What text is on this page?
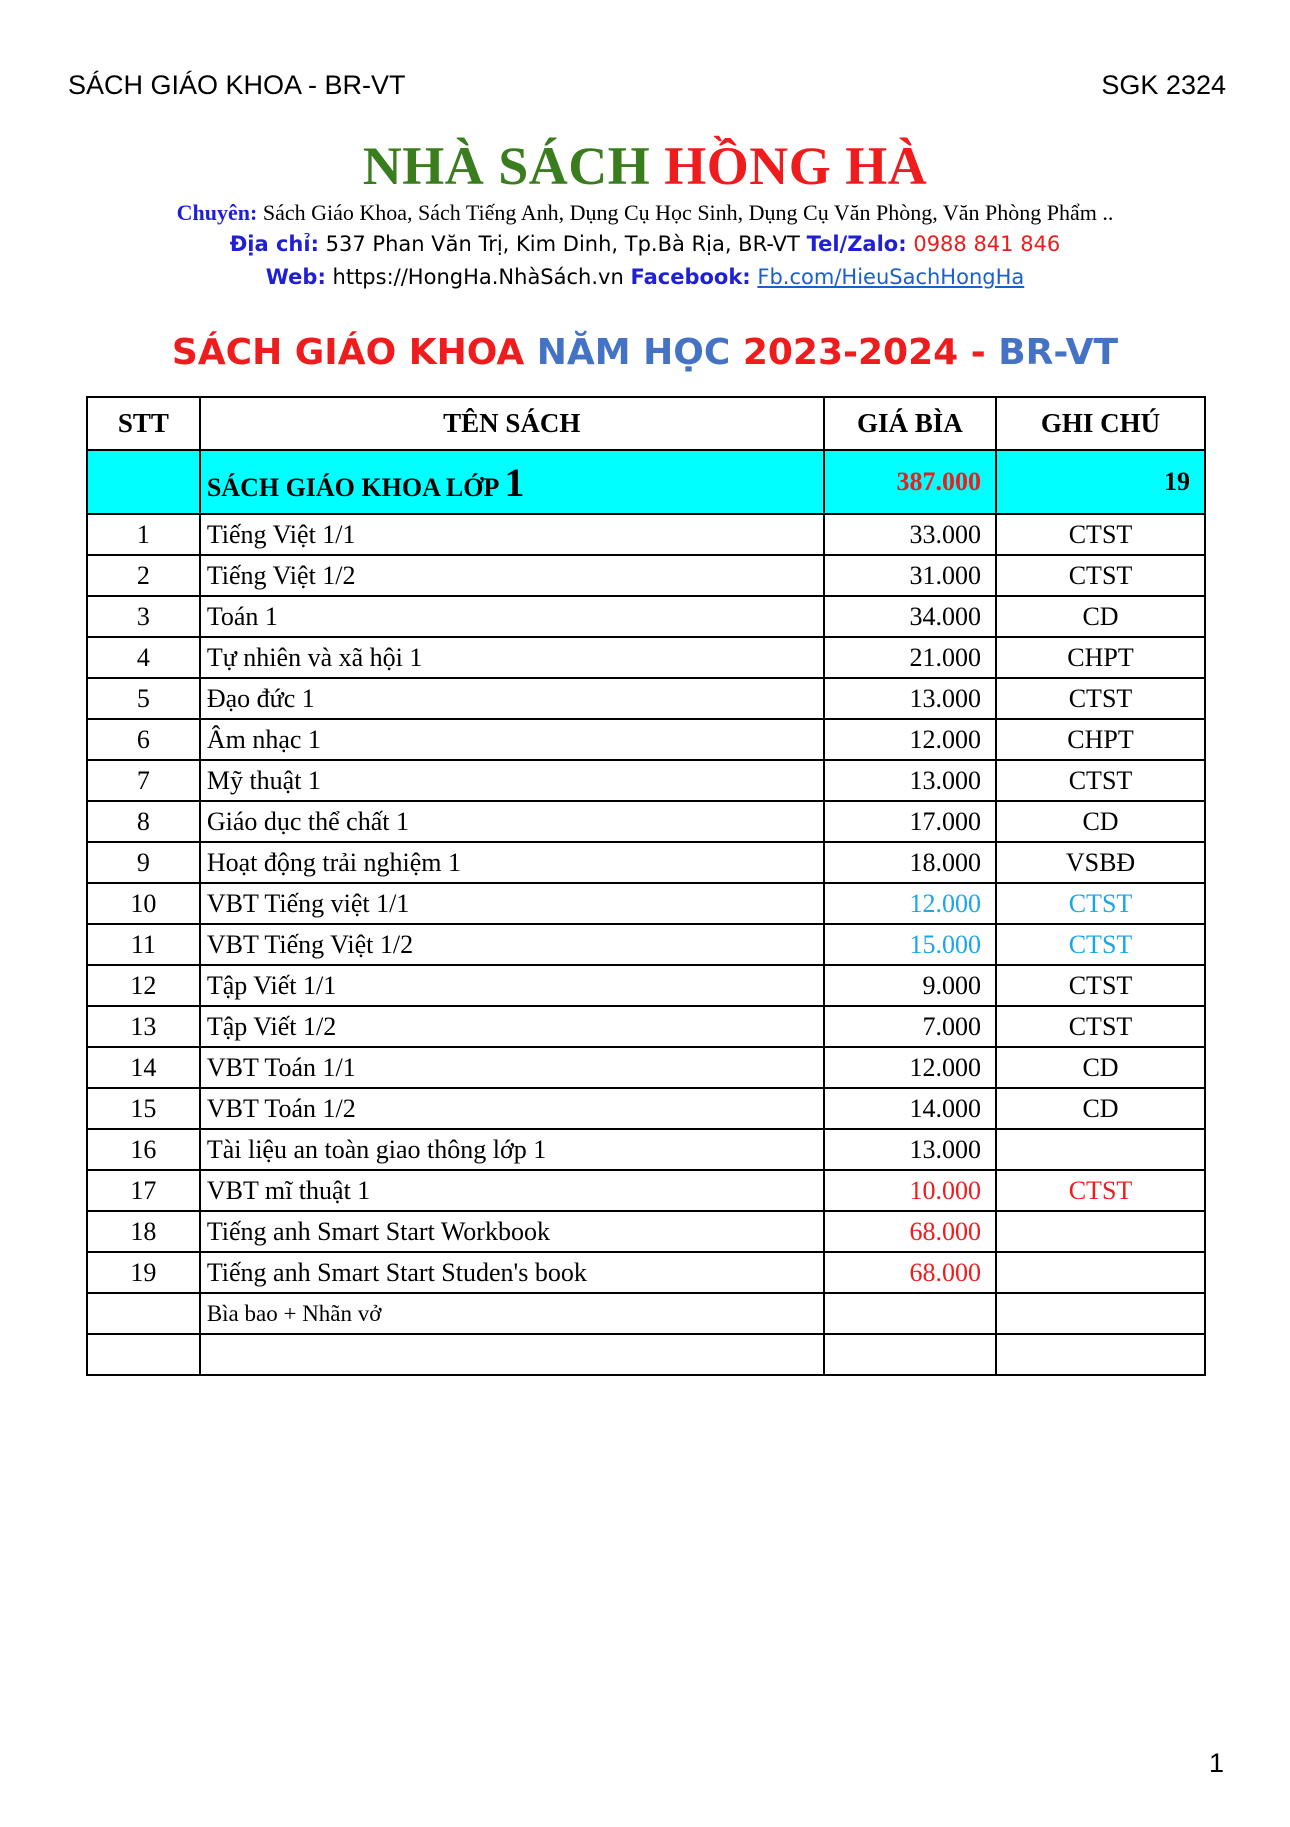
SÁCH GIÁO KHOA - BR-VT	SGK 2324
NHÀ SÁCH HỒNG HÀ
Chuyên: Sách Giáo Khoa, Sách Tiếng Anh, Dụng Cụ Học Sinh, Dụng Cụ Văn Phòng, Văn Phòng Phẩm ..
Địa chỉ: 537 Phan Văn Trị, Kim Dinh, Tp.Bà Rịa, BR-VT Tel/Zalo: 0988 841 846
Web: https://HongHa.NhàSách.vn Facebook: Fb.com/HieuSachHongHa
SÁCH GIÁO KHOA NĂM HỌC 2023-2024 - BR-VT
STT	TÊN SÁCH	GIÁ BÌA	GHI CHÚ
	SÁCH GIÁO KHOA LỚP 1	387.000	19
1	Tiếng Việt 1/1	33.000	CTST
2	Tiếng Việt 1/2	31.000	CTST
3	Toán 1	34.000	CD
4	Tự nhiên và xã hội 1	21.000	CHPT
5	Đạo đức 1	13.000	CTST
6	Âm nhạc 1	12.000	CHPT
7	Mỹ thuật 1	13.000	CTST
8	Giáo dục thể chất 1	17.000	CD
9	Hoạt động trải nghiệm 1	18.000	VSBĐ
10	VBT Tiếng việt 1/1	12.000	CTST
11	VBT Tiếng Việt 1/2	15.000	CTST
12	Tập Viết 1/1	9.000	CTST
13	Tập Viết 1/2	7.000	CTST
14	VBT Toán 1/1	12.000	CD
15	VBT Toán 1/2	14.000	CD
16	Tài liệu an toàn giao thông lớp 1	13.000	
17	VBT mĩ thuật 1	10.000	CTST
18	Tiếng anh Smart Start Workbook	68.000	
19	Tiếng anh Smart Start Studen's book	68.000	
	Bìa bao + Nhãn vở		

1
